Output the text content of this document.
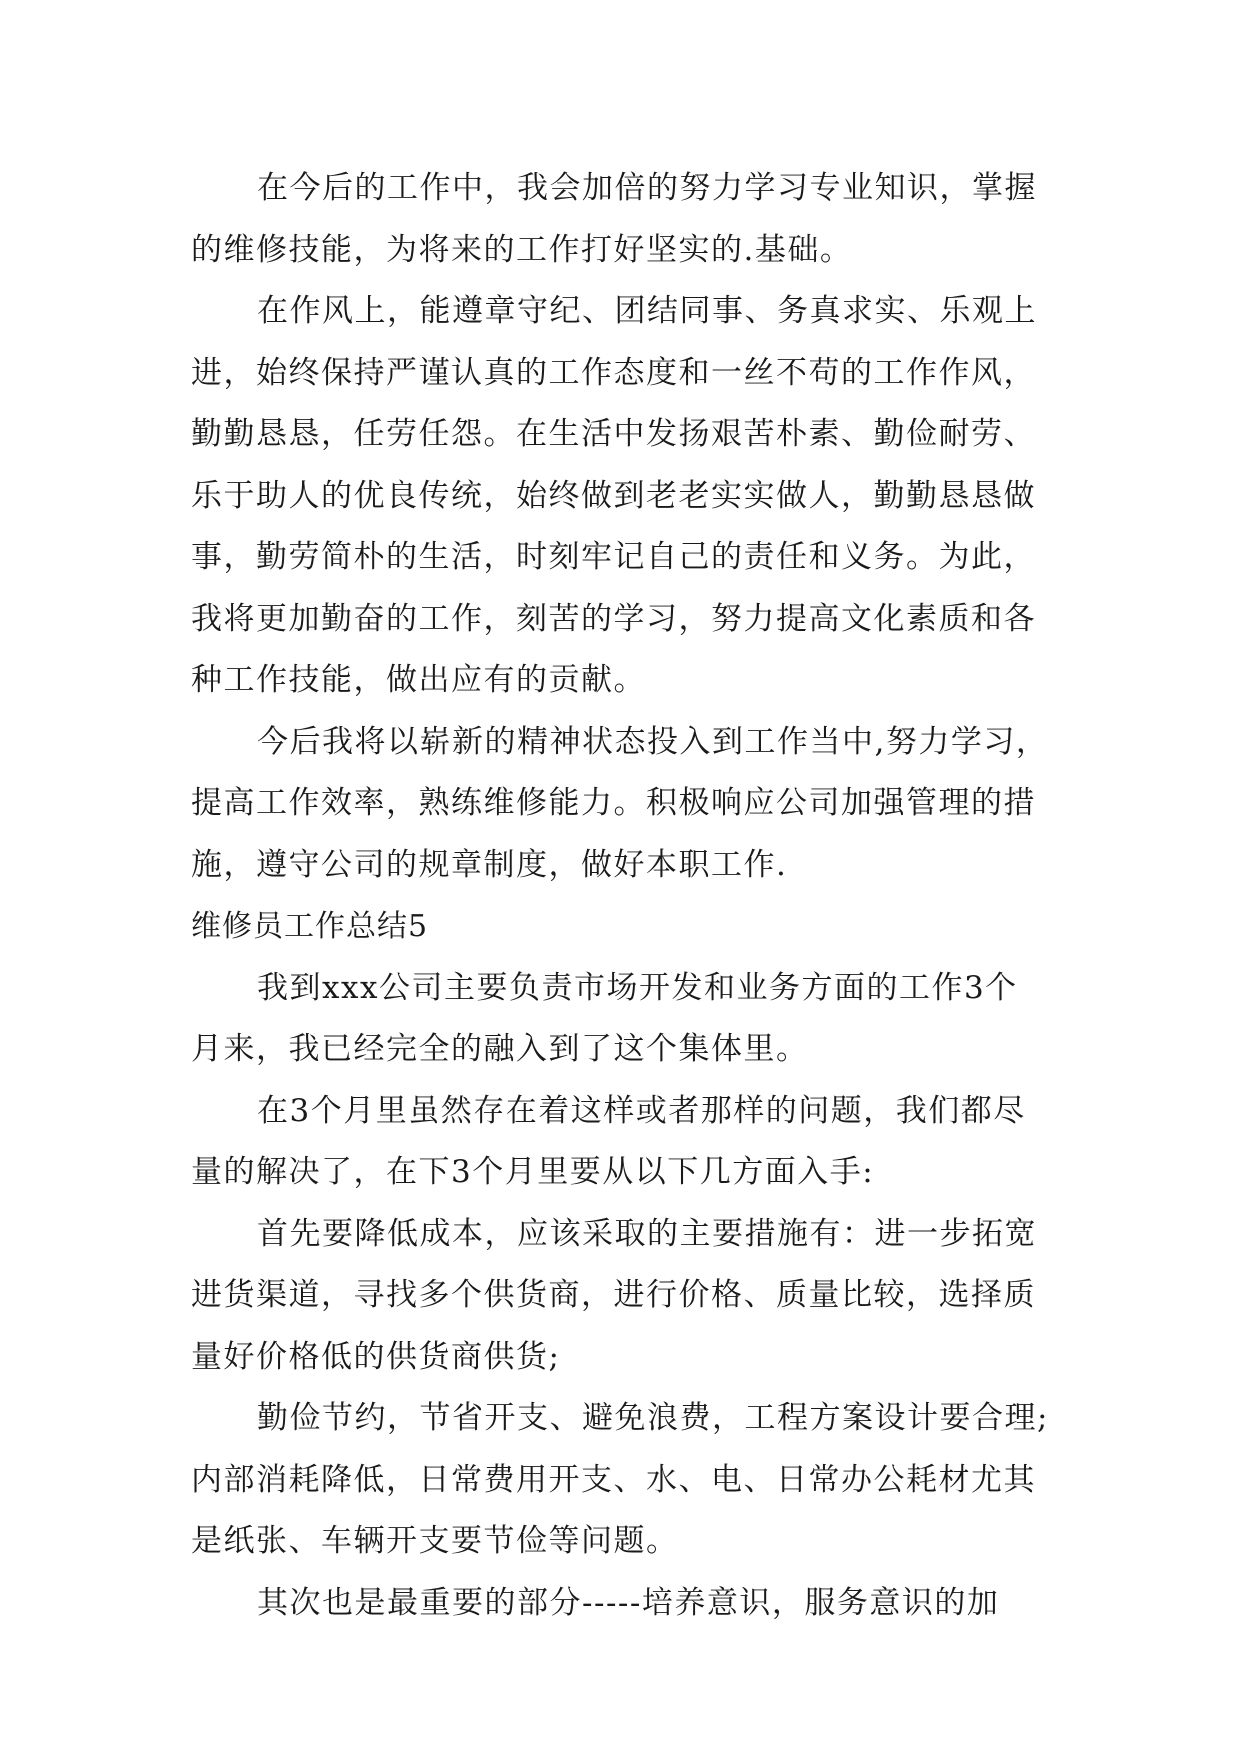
在今后的工作中，我会加倍的努力学习专业知识，掌握
的维修技能，为将来的工作打好坚实的.基础。
在作风上，能遵章守纪、团结同事、务真求实、乐观上
进，始终保持严谨认真的工作态度和一丝不苟的工作作风，
勤勤恳恳，任劳任怨。在生活中发扬艰苦朴素、勤俭耐劳、
乐于助人的优良传统，始终做到老老实实做人，勤勤恳恳做
事，勤劳简朴的生活，时刻牢记自己的责任和义务。为此，
我将更加勤奋的工作，刻苦的学习，努力提高文化素质和各
种工作技能，做出应有的贡献。
今后我将以崭新的精神状态投入到工作当中,努力学习，
提高工作效率，熟练维修能力。积极响应公司加强管理的措
施，遵守公司的规章制度，做好本职工作.
维修员工作总结5
我到xxx公司主要负责市场开发和业务方面的工作3个
月来，我已经完全的融入到了这个集体里。
在3个月里虽然存在着这样或者那样的问题，我们都尽
量的解决了，在下3个月里要从以下几方面入手:
首先要降低成本，应该采取的主要措施有：进一步拓宽
进货渠道，寻找多个供货商，进行价格、质量比较，选择质
量好价格低的供货商供货;
勤俭节约，节省开支、避免浪费，工程方案设计要合理;
内部消耗降低，日常费用开支、水、电、日常办公耗材尤其
是纸张、车辆开支要节俭等问题。
其次也是最重要的部分-----培养意识，服务意识的加
